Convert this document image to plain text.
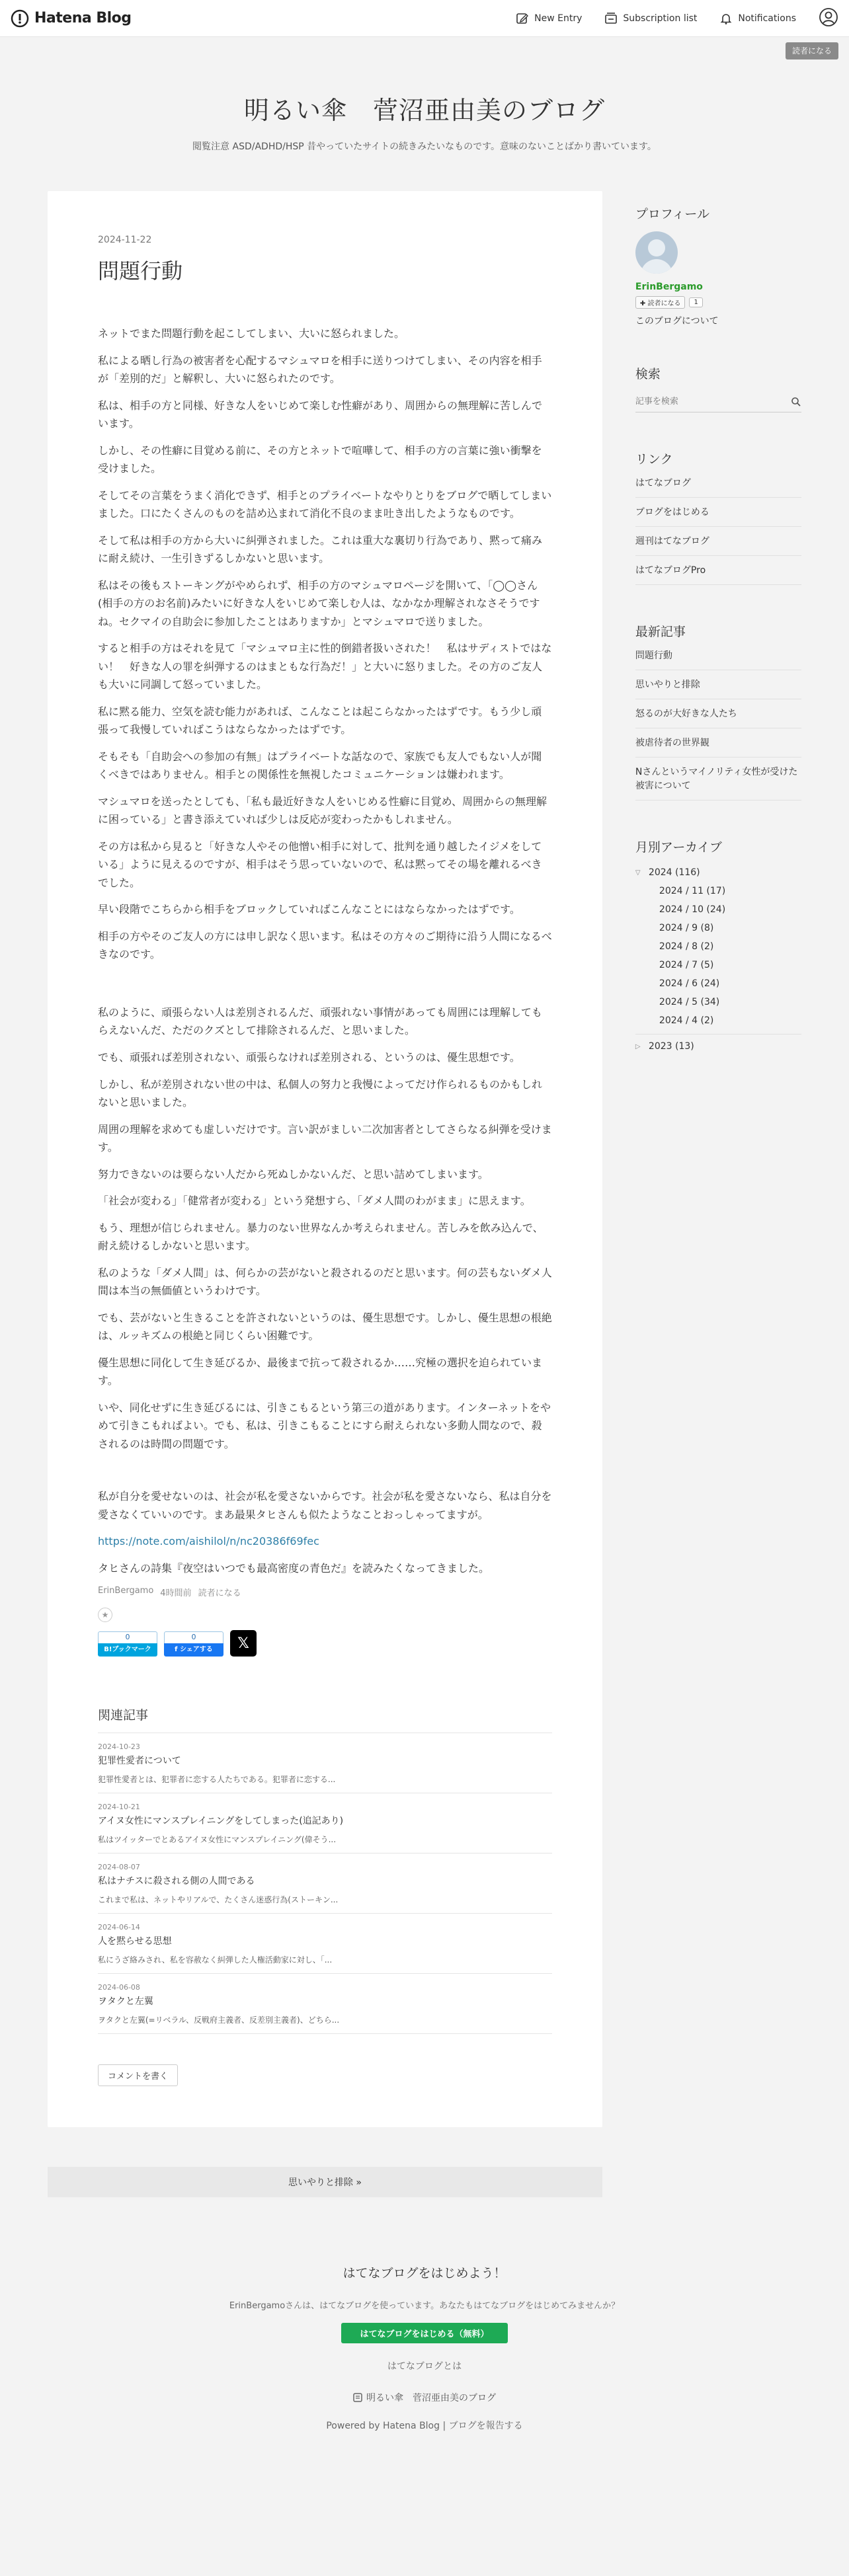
Hatena Blog	New Entry	Subscription list	Notifications
読者になる
明るい傘　菅沼亜由美のブログ

閲覧注意 ASD/ADHD/HSP 昔やっていたサイトの続きみたいなものです。意味のないことばかり書いています。

2024-11-22
問題行動

ネットでまた問題行動を起こしてしまい、大いに怒られました。

私による晒し行為の被害者を心配するマシュマロを相手に送りつけてしまい、その内容を相手が「差別的だ」と解釈し、大いに怒られたのです。

私は、相手の方と同様、好きな人をいじめて楽しむ性癖があり、周囲からの無理解に苦しんでいます。

しかし、その性癖に目覚める前に、その方とネットで喧嘩して、相手の方の言葉に強い衝撃を受けました。

そしてその言葉をうまく消化できず、相手とのプライベートなやりとりをブログで晒してしまいました。口にたくさんのものを詰め込まれて消化不良のまま吐き出したようなものです。

そして私は相手の方から大いに糾弾されました。これは重大な裏切り行為であり、黙って痛みに耐え続け、一生引きずるしかないと思います。

私はその後もストーキングがやめられず、相手の方のマシュマロページを開いて、「◯◯さん(相手の方のお名前)みたいに好きな人をいじめて楽しむ人は、なかなか理解されなさそうですね。セクマイの自助会に参加したことはありますか」とマシュマロで送りました。

すると相手の方はそれを見て「マシュマロ主に性的倒錯者扱いされた！　私はサディストではない！　好きな人の罪を糾弾するのはまともな行為だ！」と大いに怒りました。その方のご友人も大いに同調して怒っていました。

私に黙る能力、空気を読む能力があれば、こんなことは起こらなかったはずです。もう少し頑張って我慢していればこうはならなかったはずです。

そもそも「自助会への参加の有無」はプライベートな話なので、家族でも友人でもない人が聞くべきではありません。相手との関係性を無視したコミュニケーションは嫌われます。

マシュマロを送ったとしても、「私も最近好きな人をいじめる性癖に目覚め、周囲からの無理解に困っている」と書き添えていれば少しは反応が変わったかもしれません。

その方は私から見ると「好きな人やその他憎い相手に対して、批判を通り越したイジメをしている」ように見えるのですが、相手はそう思っていないので、私は黙ってその場を離れるべきでした。

早い段階でこちらから相手をブロックしていればこんなことにはならなかったはずです。

相手の方やそのご友人の方には申し訳なく思います。私はその方々のご期待に沿う人間になるべきなのです。

私のように、頑張らない人は差別されるんだ、頑張れない事情があっても周囲には理解してもらえないんだ、ただのクズとして排除されるんだ、と思いました。

でも、頑張れば差別されない、頑張らなければ差別される、というのは、優生思想です。

しかし、私が差別されない世の中は、私個人の努力と我慢によってだけ作られるものかもしれないと思いました。

周囲の理解を求めても虚しいだけです。言い訳がましい二次加害者としてさらなる糾弾を受けます。

努力できないのは要らない人だから死ぬしかないんだ、と思い詰めてしまいます。

「社会が変わる」「健常者が変わる」という発想すら、「ダメ人間のわがまま」に思えます。

もう、理想が信じられません。暴力のない世界なんか考えられません。苦しみを飲み込んで、耐え続けるしかないと思います。

私のような「ダメ人間」は、何らかの芸がないと殺されるのだと思います。何の芸もないダメ人間は本当の無価値というわけです。

でも、芸がないと生きることを許されないというのは、優生思想です。しかし、優生思想の根絶は、ルッキズムの根絶と同じくらい困難です。

優生思想に同化して生き延びるか、最後まで抗って殺されるか……究極の選択を迫られています。

いや、同化せずに生き延びるには、引きこもるという第三の道があります。インターネットをやめて引きこもればよい。でも、私は、引きこもることにすら耐えられない多動人間なので、殺されるのは時間の問題です。

私が自分を愛せないのは、社会が私を愛さないからです。社会が私を愛さないなら、私は自分を愛さなくていいのです。まあ最果タヒさんも似たようなことおっしゃってますが。

https://note.com/aishilol/n/nc20386f69fec

タヒさんの詩集『夜空はいつでも最高密度の青色だ』を読みたくなってきました。

ErinBergamo 4時間前 読者になる
★
0
B!ブックマーク
0
f シェアする	𝕏
関連記事
2024-10-23
犯罪性愛者について
犯罪性愛者とは、犯罪者に恋する人たちである。犯罪者に恋する...
2024-10-21
アイヌ女性にマンスプレイニングをしてしまった(追記あり)
私はツイッターでとあるアイヌ女性にマンスプレイニング(偉そう...
2024-08-07
私はナチスに殺される側の人間である
これまで私は、ネットやリアルで、たくさん迷惑行為(ストーキン...
2024-06-14
人を黙らせる思想
私にうざ絡みされ、私を容赦なく糾弾した人権活動家に対し、「...
2024-06-08
ヲタクと左翼
ヲタクと左翼(=リベラル、反戦府主義者、反差別主義者)、どちら...
コメントを書く
思いやりと排除 »
プロフィール
ErinBergamo
✚ 読者になる	1
このブログについて
検索
記事を検索
リンク
はてなブログ
ブログをはじめる
週刊はてなブログ
はてなブログPro
最新記事
問題行動
思いやりと排除
怒るのが大好きな人たち
被虐待者の世界観
Nさんというマイノリティ女性が受けた被害について
月別アーカイブ
▽ 2024 (116)
2024 / 11 (17)
2024 / 10 (24)
2024 / 9 (8)
2024 / 8 (2)
2024 / 7 (5)
2024 / 6 (24)
2024 / 5 (34)
2024 / 4 (2)
▷ 2023 (13)
はてなブログをはじめよう！
ErinBergamoさんは、はてなブログを使っています。あなたもはてなブログをはじめてみませんか？
はてなブログをはじめる（無料）
はてなブログとは
明るい傘　菅沼亜由美のブログ
Powered by Hatena Blog | ブログを報告する
